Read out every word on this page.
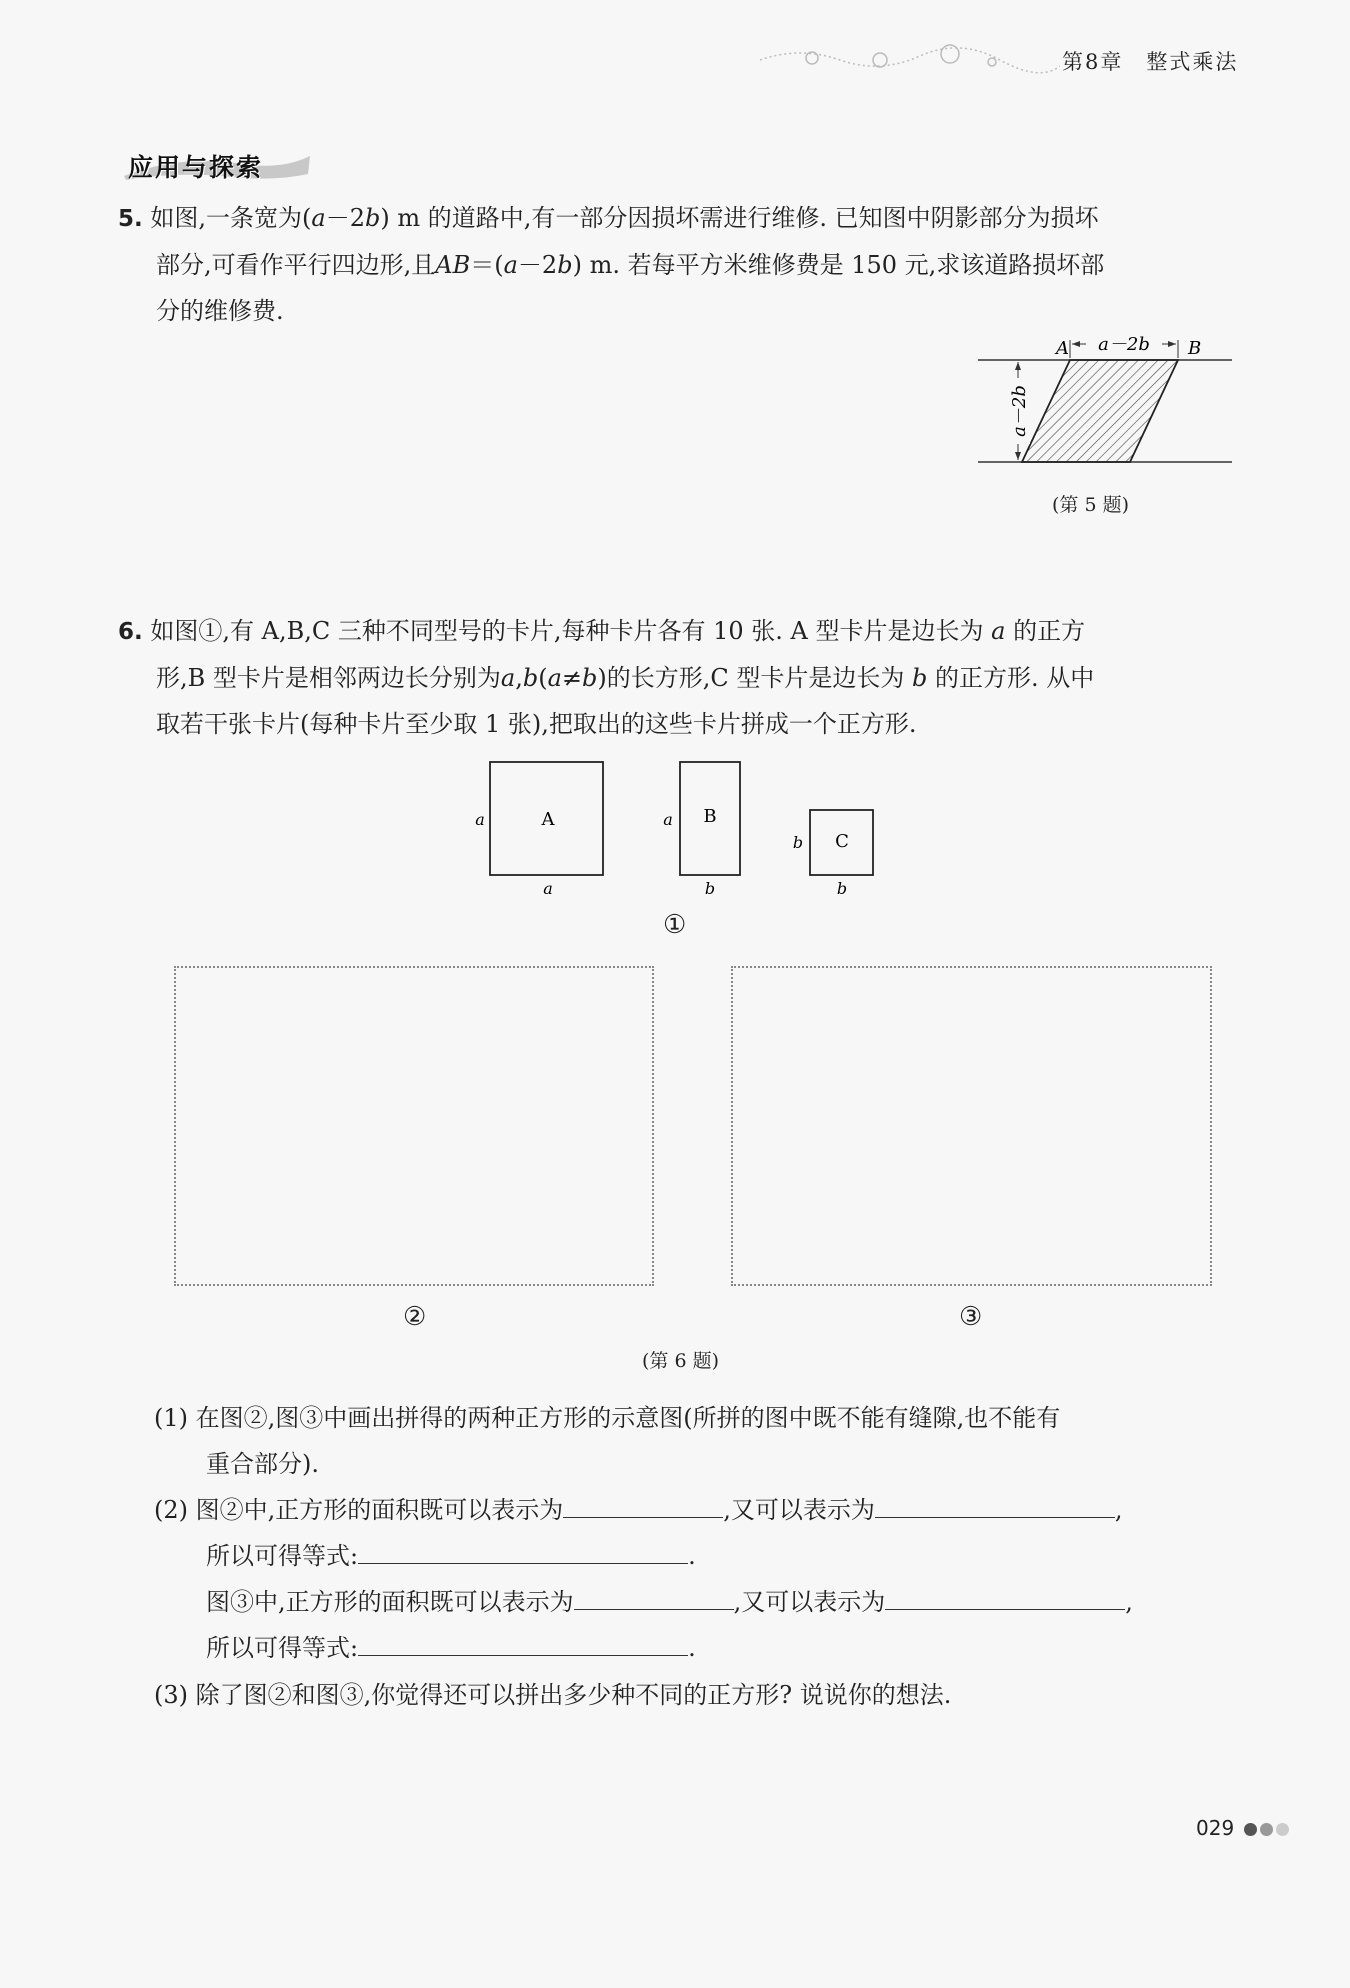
第8章　整式乘法
应用与探索
5. 如图,一条宽为(a－2b) m 的道路中,有一部分因损坏需进行维修. 已知图中阴影部分为损坏
部分,可看作平行四边形,且AB＝(a－2b) m. 若每平方米维修费是 150 元,求该道路损坏部
分的维修费.
a－2b
A	B
a－2b
(第 5 题)
6. 如图①,有 A,B,C 三种不同型号的卡片,每种卡片各有 10 张. A 型卡片是边长为 a 的正方
形,B 型卡片是相邻两边长分别为a,b(a≠b)的长方形,C 型卡片是边长为 b 的正方形. 从中
取若干张卡片(每种卡片至少取 1 张),把取出的这些卡片拼成一个正方形.
A
a
a
B
a
b
C
b
b
①
②	③
(第 6 题)
(1) 在图②,图③中画出拼得的两种正方形的示意图(所拼的图中既不能有缝隙,也不能有
重合部分).
(2) 图②中,正方形的面积既可以表示为	,又可以表示为	,
所以可得等式:	.
图③中,正方形的面积既可以表示为	,又可以表示为	,
所以可得等式:	.
(3) 除了图②和图③,你觉得还可以拼出多少种不同的正方形? 说说你的想法.
029
